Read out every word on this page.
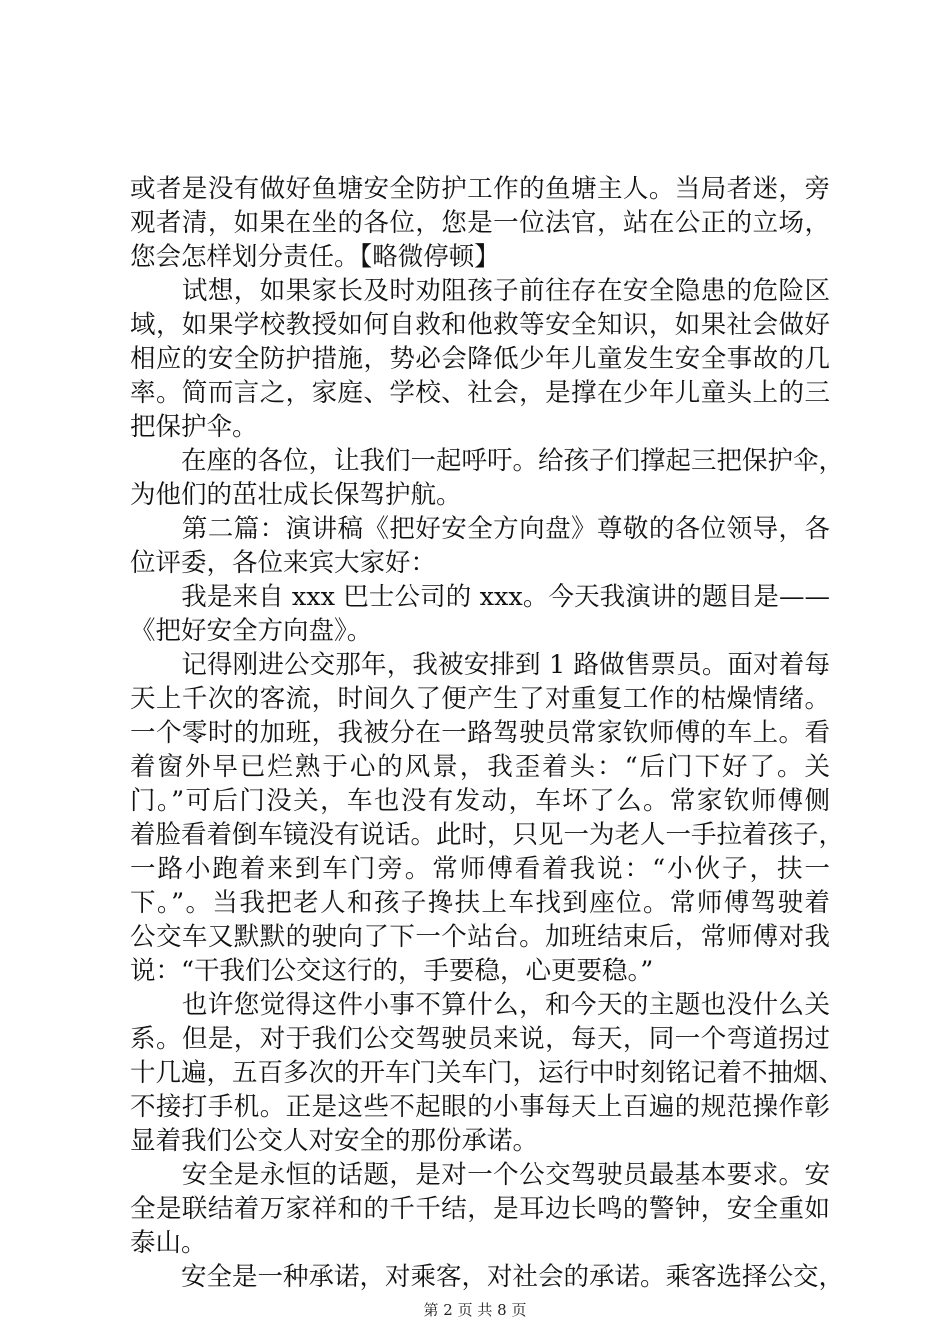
或者是没有做好鱼塘安全防护工作的鱼塘主人。当局者迷，旁
观者清，如果在坐的各位，您是一位法官，站在公正的立场，
您会怎样划分责任。【略微停顿】
　　试想，如果家长及时劝阻孩子前往存在安全隐患的危险区
域，如果学校教授如何自救和他救等安全知识，如果社会做好
相应的安全防护措施，势必会降低少年儿童发生安全事故的几
率。简而言之，家庭、学校、社会，是撑在少年儿童头上的三
把保护伞。
　　在座的各位，让我们一起呼吁。给孩子们撑起三把保护伞，
为他们的茁壮成长保驾护航。
　　第二篇：演讲稿《把好安全方向盘》尊敬的各位领导，各
位评委，各位来宾大家好：
　　我是来自 xxx 巴士公司的 xxx。今天我演讲的题目是——
《把好安全方向盘》。
　　记得刚进公交那年，我被安排到 1 路做售票员。面对着每
天上千次的客流，时间久了便产生了对重复工作的枯燥情绪。
一个零时的加班，我被分在一路驾驶员常家钦师傅的车上。看
着窗外早已烂熟于心的风景，我歪着头：“后门下好了。关
门。”可后门没关，车也没有发动，车坏了么。常家钦师傅侧
着脸看着倒车镜没有说话。此时，只见一为老人一手拉着孩子，
一路小跑着来到车门旁。常师傅看着我说：“小伙子，扶一
下。”。当我把老人和孩子搀扶上车找到座位。常师傅驾驶着
公交车又默默的驶向了下一个站台。加班结束后，常师傅对我
说：“干我们公交这行的，手要稳，心更要稳。”
　　也许您觉得这件小事不算什么，和今天的主题也没什么关
系。但是，对于我们公交驾驶员来说，每天，同一个弯道拐过
十几遍，五百多次的开车门关车门，运行中时刻铭记着不抽烟、
不接打手机。正是这些不起眼的小事每天上百遍的规范操作彰
显着我们公交人对安全的那份承诺。
　　安全是永恒的话题，是对一个公交驾驶员最基本要求。安
全是联结着万家祥和的千千结，是耳边长鸣的警钟，安全重如
泰山。
　　安全是一种承诺，对乘客，对社会的承诺。乘客选择公交，
第 2 页 共 8 页
